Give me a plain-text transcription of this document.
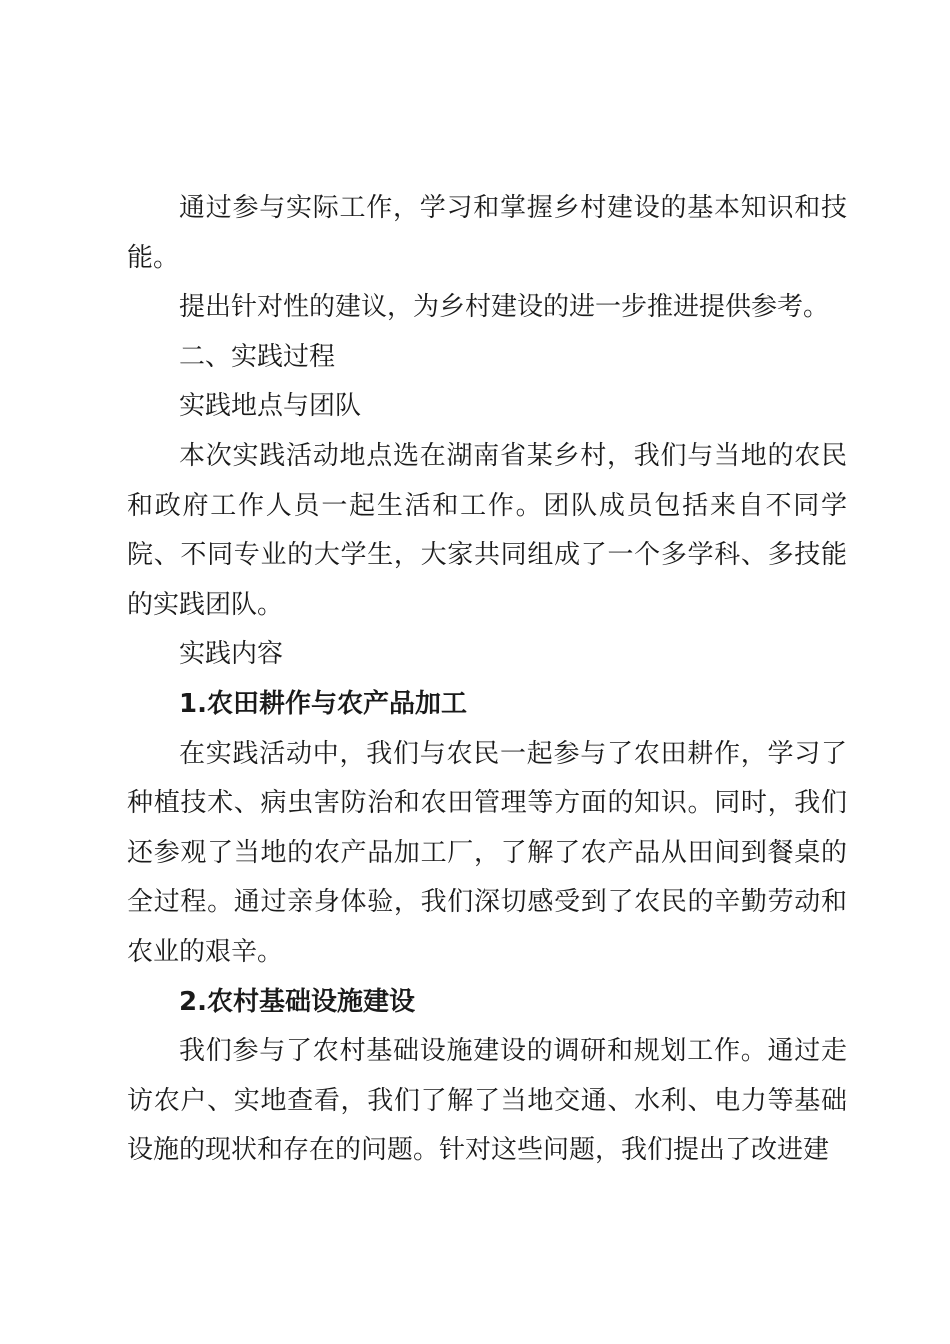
通过参与实际工作，学习和掌握乡村建设的基本知识和技能。

提出针对性的建议，为乡村建设的进一步推进提供参考。

二、实践过程

实践地点与团队

本次实践活动地点选在湖南省某乡村，我们与当地的农民和政府工作人员一起生活和工作。团队成员包括来自不同学院、不同专业的大学生，大家共同组成了一个多学科、多技能的实践团队。

实践内容

1.农田耕作与农产品加工

在实践活动中，我们与农民一起参与了农田耕作，学习了种植技术、病虫害防治和农田管理等方面的知识。同时，我们还参观了当地的农产品加工厂，了解了农产品从田间到餐桌的全过程。通过亲身体验，我们深切感受到了农民的辛勤劳动和农业的艰辛。

2.农村基础设施建设

我们参与了农村基础设施建设的调研和规划工作。通过走访农户、实地查看，我们了解了当地交通、水利、电力等基础设施的现状和存在的问题。针对这些问题，我们提出了改进建
